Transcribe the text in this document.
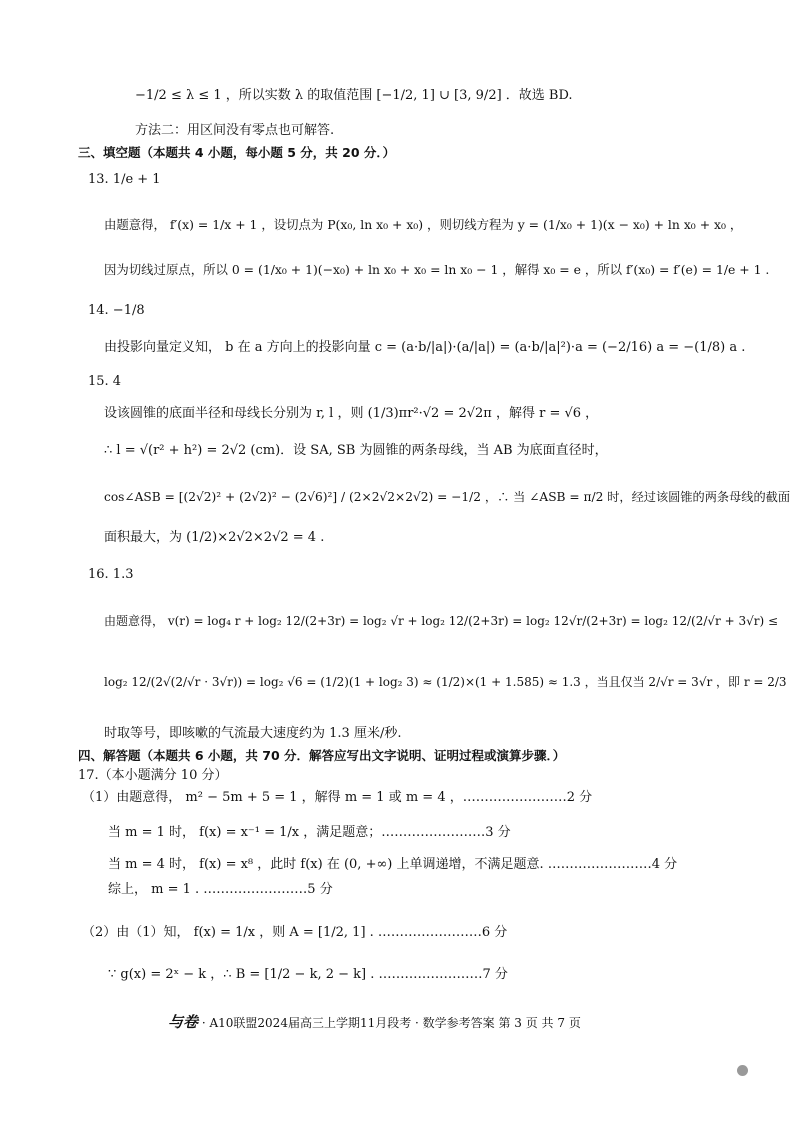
−1/2 ≤ λ ≤ 1 ，所以实数 λ 的取值范围 [−1/2, 1] ∪ [3, 9/2] ．故选 BD.
方法二：用区间没有零点也可解答.
三、填空题（本题共 4 小题，每小题 5 分，共 20 分．）
13. 1/e + 1
由题意得， f′(x) = 1/x + 1 ，设切点为 P(x₀, ln x₀ + x₀) ，则切线方程为 y = (1/x₀ + 1)(x − x₀) + ln x₀ + x₀ ，
因为切线过原点，所以 0 = (1/x₀ + 1)(−x₀) + ln x₀ + x₀ = ln x₀ − 1 ，解得 x₀ = e ，所以 f′(x₀) = f′(e) = 1/e + 1 .
14. −1/8
由投影向量定义知， b 在 a 方向上的投影向量 c = (a·b/|a|)·(a/|a|) = (a·b/|a|²)·a = (−2/16) a = −(1/8) a .
15. 4
设该圆锥的底面半径和母线长分别为 r, l ，则 (1/3)πr²·√2 = 2√2π ，解得 r = √6 ，
∴ l = √(r² + h²) = 2√2 (cm)．设 SA, SB 为圆锥的两条母线，当 AB 为底面直径时，
cos∠ASB = [(2√2)² + (2√2)² − (2√6)²] / (2×2√2×2√2) = −1/2 ，∴ 当 ∠ASB = π/2 时，经过该圆锥的两条母线的截面
面积最大，为 (1/2)×2√2×2√2 = 4 .
16. 1.3
由题意得， v(r) = log₄ r + log₂ 12/(2+3r) = log₂ √r + log₂ 12/(2+3r) = log₂ 12√r/(2+3r) = log₂ 12/(2/√r + 3√r) ≤
log₂ 12/(2√(2/√r · 3√r)) = log₂ √6 = (1/2)(1 + log₂ 3) ≈ (1/2)×(1 + 1.585) ≈ 1.3 ，当且仅当 2/√r = 3√r ，即 r = 2/3
时取等号，即咳嗽的气流最大速度约为 1.3 厘米/秒.
四、解答题（本题共 6 小题，共 70 分．解答应写出文字说明、证明过程或演算步骤．）
17.（本小题满分 10 分）
（1）由题意得， m² − 5m + 5 = 1 ，解得 m = 1 或 m = 4 ，……………………2 分
当 m = 1 时， f(x) = x⁻¹ = 1/x ，满足题意；……………………3 分
当 m = 4 时， f(x) = x⁸ ，此时 f(x) 在 (0, +∞) 上单调递增，不满足题意. ……………………4 分
综上， m = 1 . ……………………5 分
（2）由（1）知， f(x) = 1/x ，则 A = [1/2, 1] . ……………………6 分
∵ g(x) = 2ˣ − k ，∴ B = [1/2 − k, 2 − k] . ……………………7 分
与卷 · A10联盟2024届高三上学期11月段考 · 数学参考答案 第 3 页 共 7 页
